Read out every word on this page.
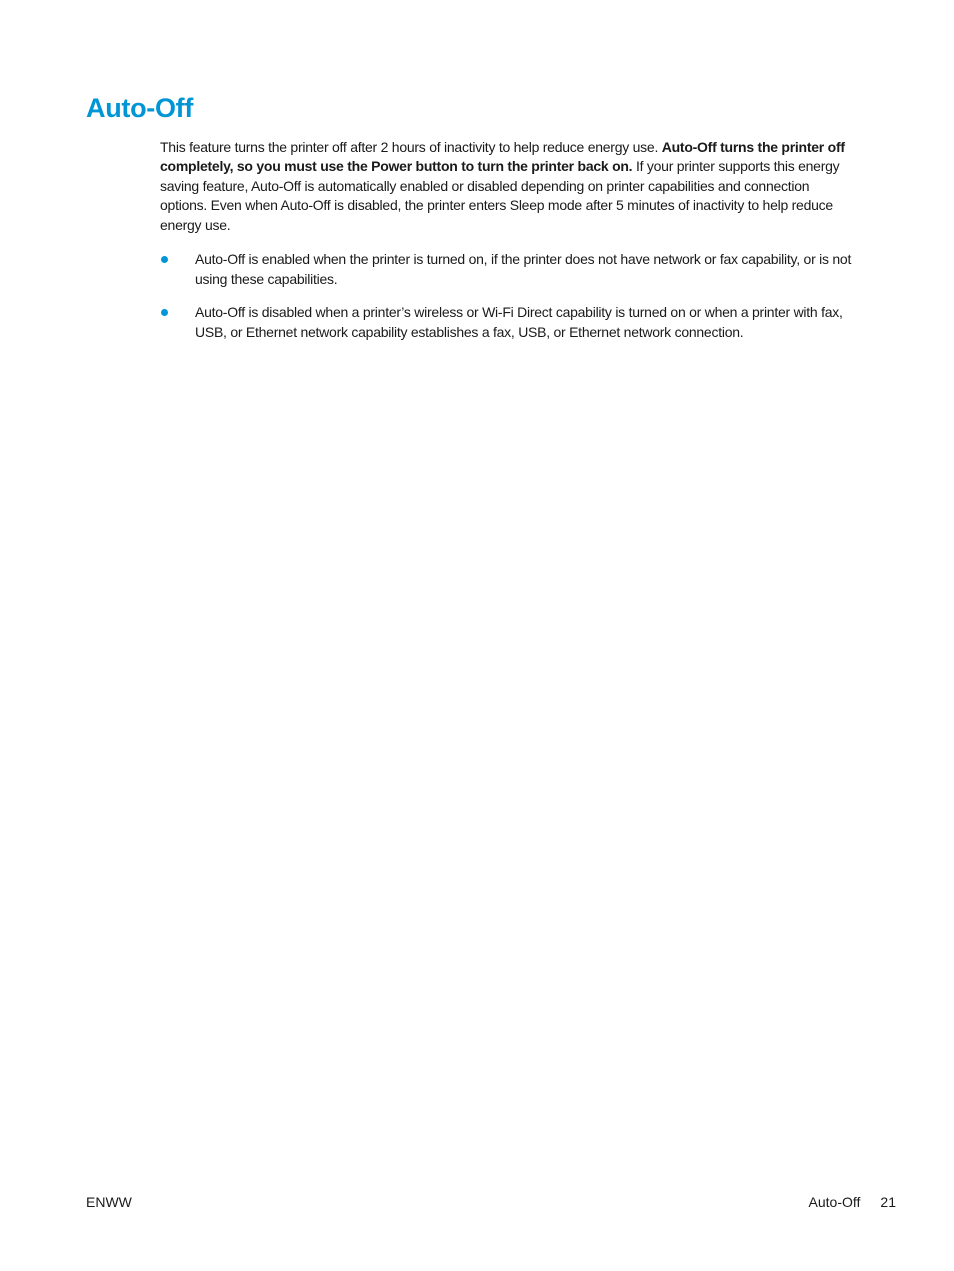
Auto-Off

This feature turns the printer off after 2 hours of inactivity to help reduce energy use. Auto-Off turns the printer off completely, so you must use the Power button to turn the printer back on. If your printer supports this energy saving feature, Auto-Off is automatically enabled or disabled depending on printer capabilities and connection options. Even when Auto-Off is disabled, the printer enters Sleep mode after 5 minutes of inactivity to help reduce energy use.

Auto-Off is enabled when the printer is turned on, if the printer does not have network or fax capability, or is not using these capabilities.
Auto-Off is disabled when a printer’s wireless or Wi-Fi Direct capability is turned on or when a printer with fax, USB, or Ethernet network capability establishes a fax, USB, or Ethernet network connection.
ENWW	Auto-Off 21
